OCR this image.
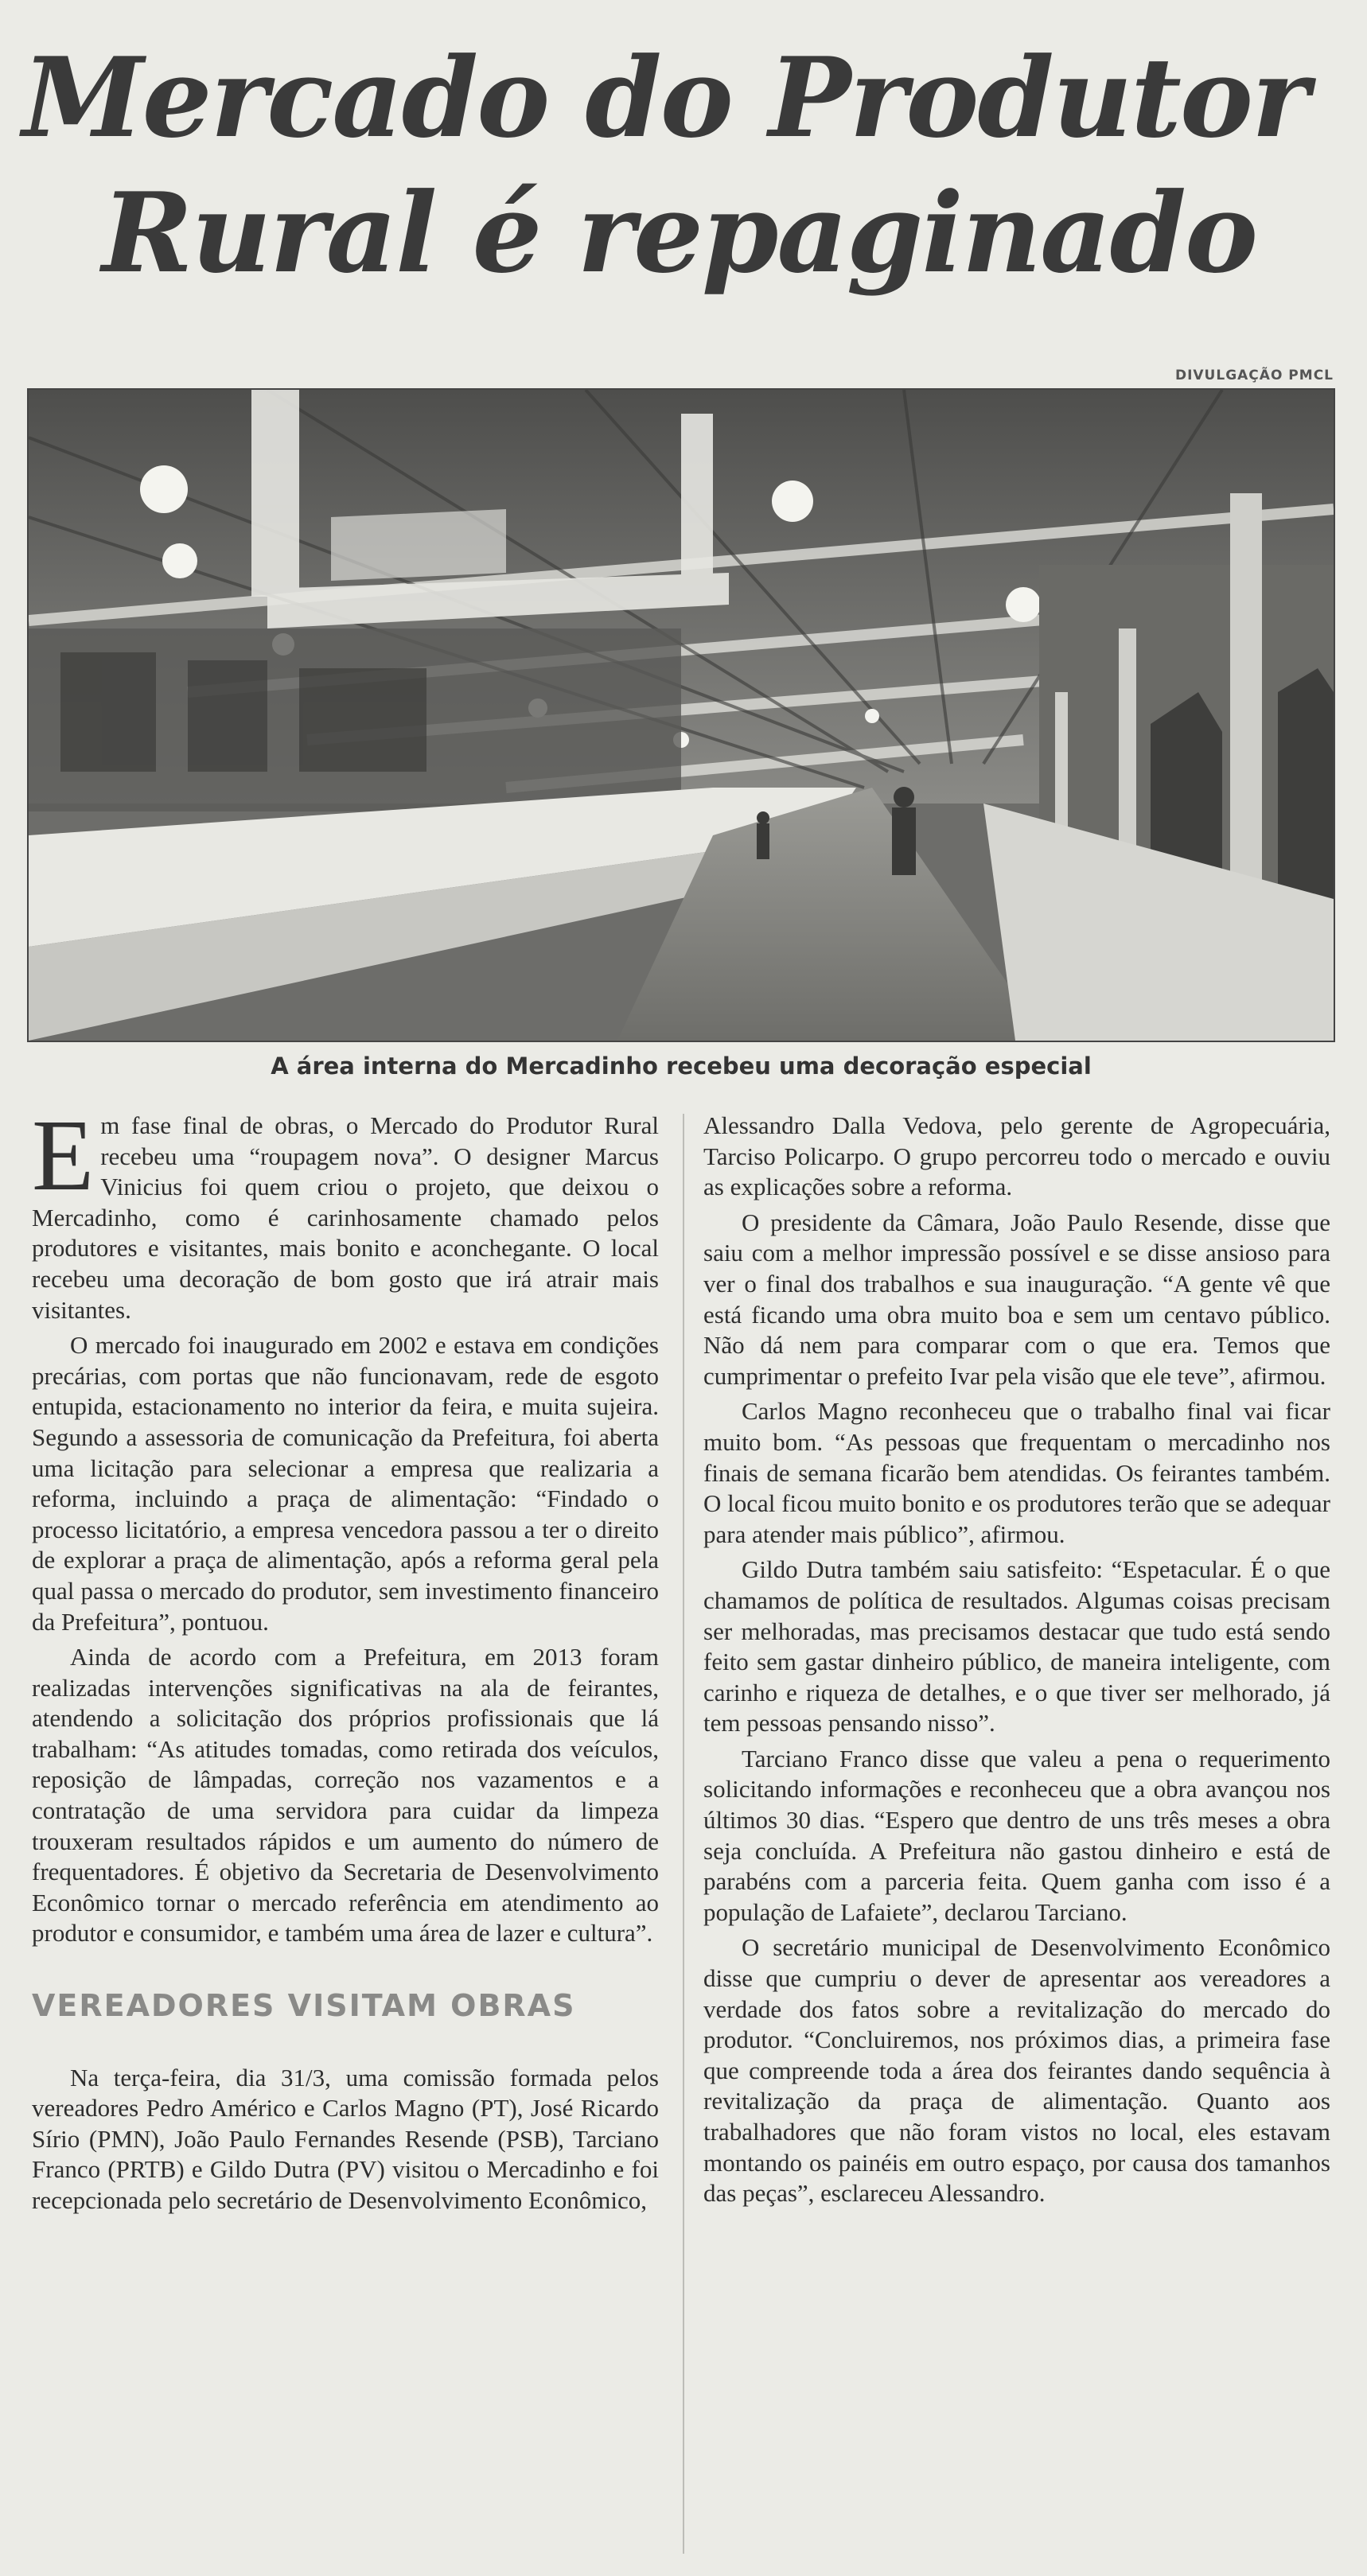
Mercado do Produtor
Rural é repaginado
DIVULGAÇÃO PMCL
A área interna do Mercadinho recebeu uma decoração especial

Em fase final de obras, o Mercado do Produtor Rural recebeu uma “roupagem nova”. O designer Marcus Vinicius foi quem criou o projeto, que deixou o Mercadinho, como é carinhosamente chamado pelos produtores e visitantes, mais bonito e aconchegante. O local recebeu uma decoração de bom gosto que irá atrair mais visitantes.

O mercado foi inaugurado em 2002 e estava em condições precárias, com portas que não funcionavam, rede de esgoto entupida, estacionamento no interior da feira, e muita sujeira. Segundo a assessoria de comunicação da Prefeitura, foi aberta uma licitação para selecionar a empresa que realizaria a reforma, incluindo a praça de alimentação: “Findado o processo licitatório, a empresa vencedora passou a ter o direito de explorar a praça de alimentação, após a reforma geral pela qual passa o mercado do produtor, sem investimento financeiro da Prefeitura”, pontuou.

Ainda de acordo com a Prefeitura, em 2013 foram realizadas intervenções significativas na ala de feirantes, atendendo a solicitação dos próprios profissionais que lá trabalham: “As atitudes tomadas, como retirada dos veículos, reposição de lâmpadas, correção nos vazamentos e a contratação de uma servidora para cuidar da limpeza trouxeram resultados rápidos e um aumento do número de frequentadores. É objetivo da Secretaria de Desenvolvimento Econômico tornar o mercado referência em atendimento ao produtor e consumidor, e também uma área de lazer e cultura”.

VEREADORES VISITAM OBRAS

Na terça-feira, dia 31/3, uma comissão formada pelos vereadores Pedro Américo e Carlos Magno (PT), José Ricardo Sírio (PMN), João Paulo Fernandes Resende (PSB), Tarciano Franco (PRTB) e Gildo Dutra (PV) visitou o Mercadinho e foi recepcionada pelo secretário de Desenvolvimento Econômico,

Alessandro Dalla Vedova, pelo gerente de Agropecuária, Tarciso Policarpo. O grupo percorreu todo o mercado e ouviu as explicações sobre a reforma.

O presidente da Câmara, João Paulo Resende, disse que saiu com a melhor impressão possível e se disse ansioso para ver o final dos trabalhos e sua inauguração. “A gente vê que está ficando uma obra muito boa e sem um centavo público. Não dá nem para comparar com o que era. Temos que cumprimentar o prefeito Ivar pela visão que ele teve”, afirmou.

Carlos Magno reconheceu que o trabalho final vai ficar muito bom. “As pessoas que frequentam o mercadinho nos finais de semana ficarão bem atendidas. Os feirantes também. O local ficou muito bonito e os produtores terão que se adequar para atender mais público”, afirmou.

Gildo Dutra também saiu satisfeito: “Espetacular. É o que chamamos de política de resultados. Algumas coisas precisam ser melhoradas, mas precisamos destacar que tudo está sendo feito sem gastar dinheiro público, de maneira inteligente, com carinho e riqueza de detalhes, e o que tiver ser melhorado, já tem pessoas pensando nisso”.

Tarciano Franco disse que valeu a pena o requerimento solicitando informações e reconheceu que a obra avançou nos últimos 30 dias. “Espero que dentro de uns três meses a obra seja concluída. A Prefeitura não gastou dinheiro e está de parabéns com a parceria feita. Quem ganha com isso é a população de Lafaiete”, declarou Tarciano.

O secretário municipal de Desenvolvimento Econômico disse que cumpriu o dever de apresentar aos vereadores a verdade dos fatos sobre a revitalização do mercado do produtor. “Concluiremos, nos próximos dias, a primeira fase que compreende toda a área dos feirantes dando sequência à revitalização da praça de alimentação. Quanto aos trabalhadores que não foram vistos no local, eles estavam montando os painéis em outro espaço, por causa dos tamanhos das peças”, esclareceu Alessandro.
